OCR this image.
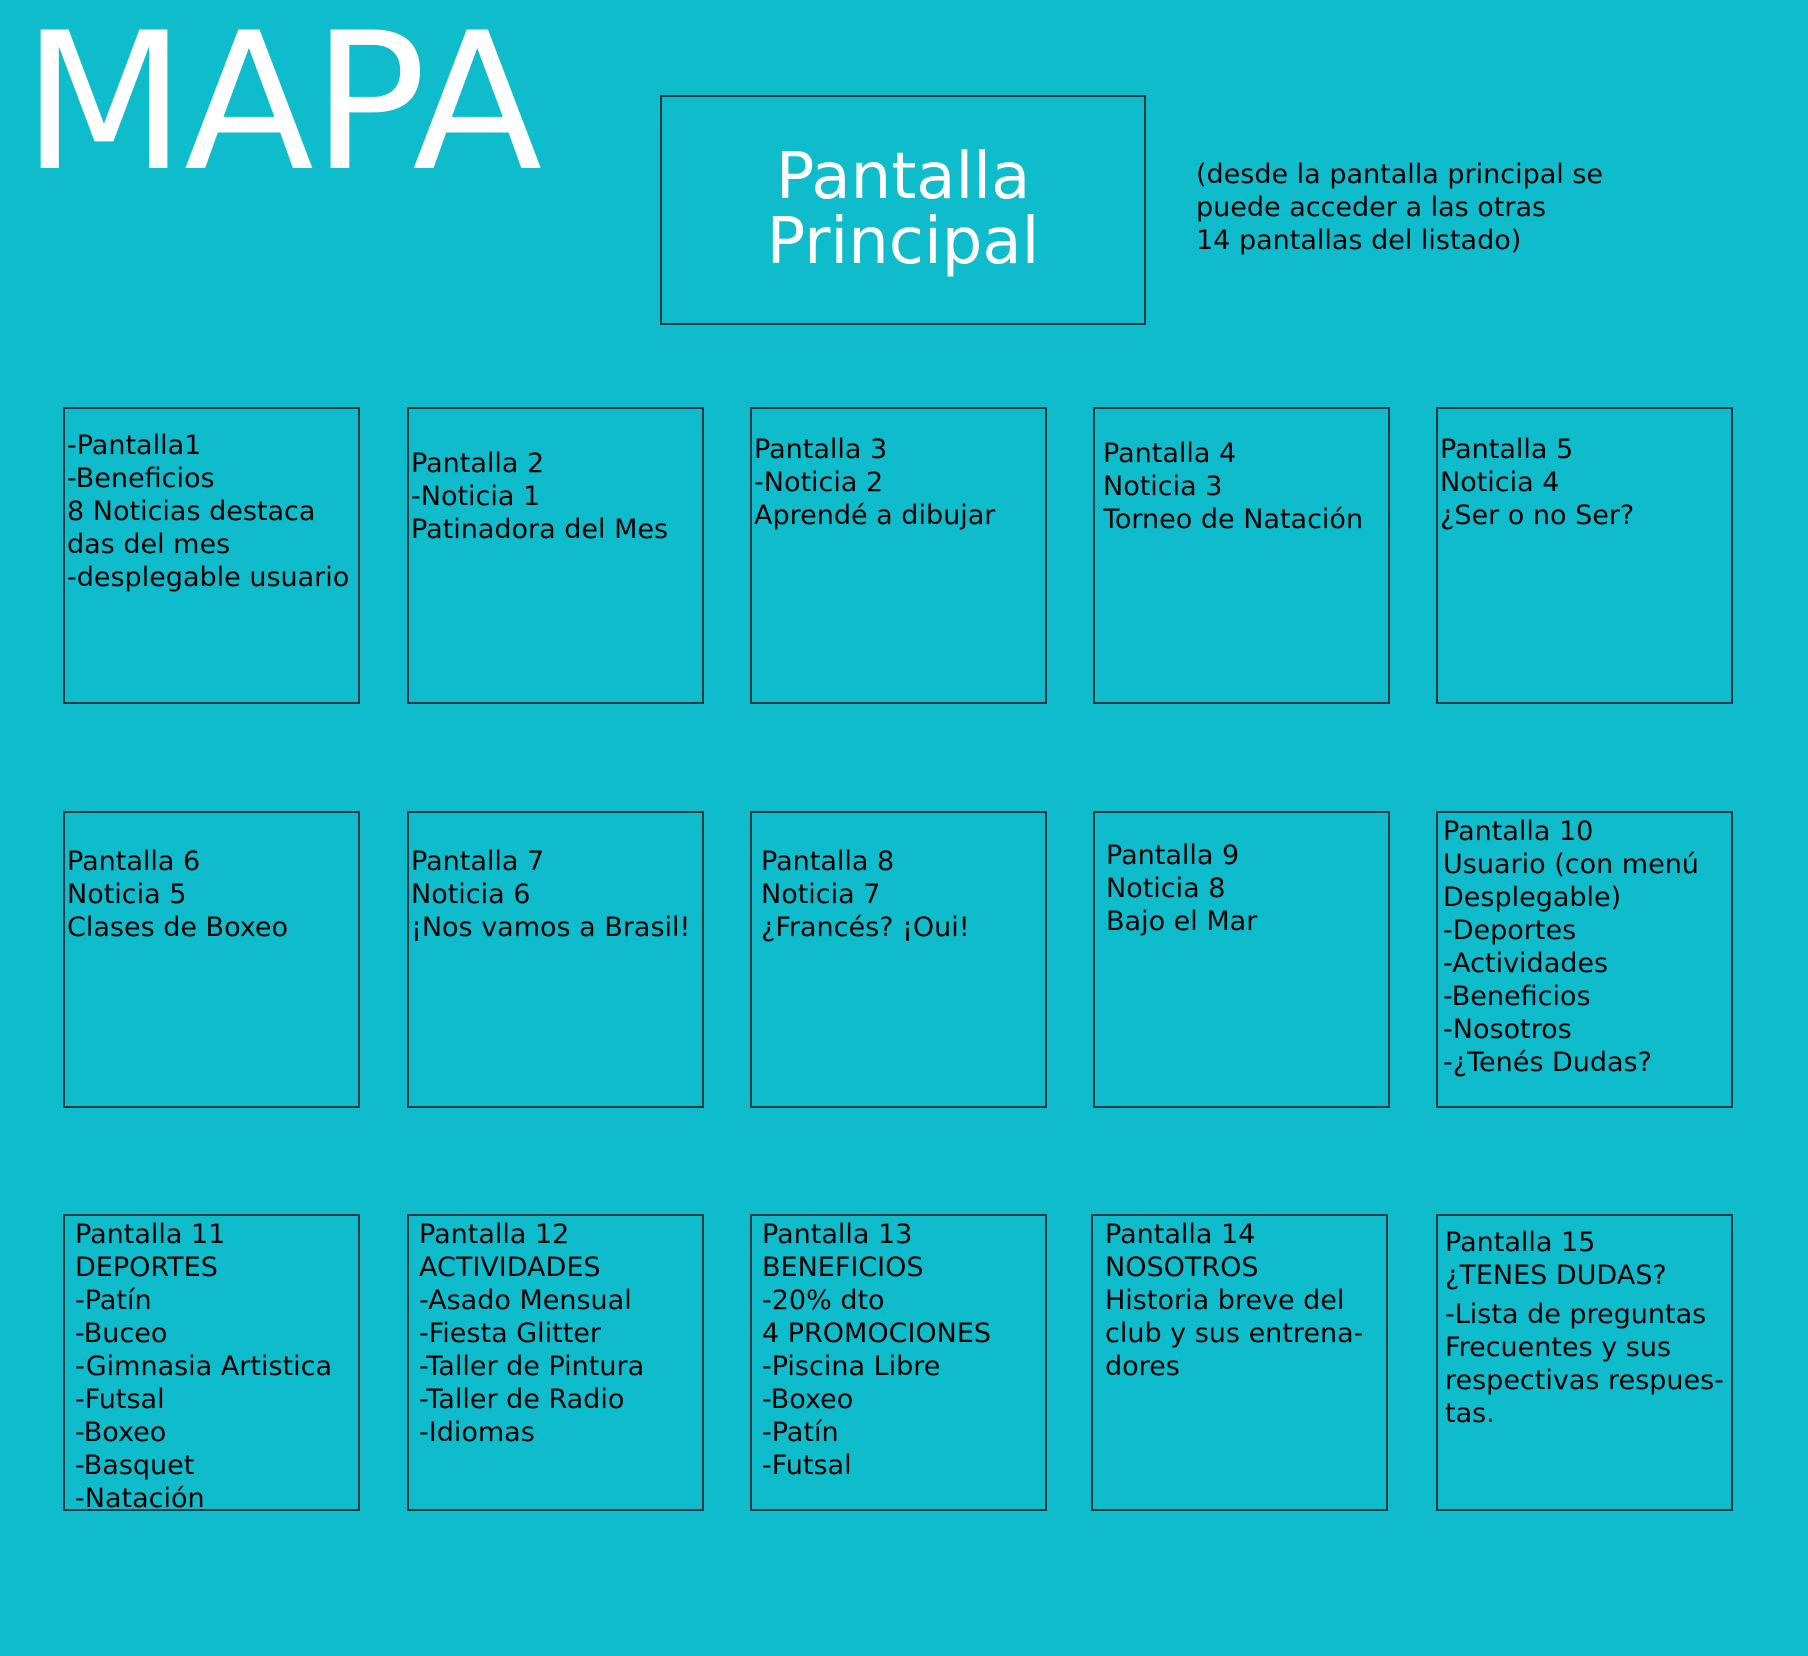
MAPA	Pantalla
Principal
(desde la pantalla principal se
puede acceder a las otras
14 pantallas del listado)
-Pantalla1
-Beneficios
8 Noticias destaca
das del mes
-desplegable usuario
Pantalla 2
-Noticia 1
Patinadora del Mes
Pantalla 3
-Noticia 2
Aprendé a dibujar
Pantalla 4
Noticia 3
Torneo de Natación
Pantalla 5
Noticia 4
¿Ser o no Ser?
Pantalla 6
Noticia 5
Clases de Boxeo
Pantalla 7
Noticia 6
¡Nos vamos a Brasil!
Pantalla 8
Noticia 7
¿Francés? ¡Oui!
Pantalla 9
Noticia 8
Bajo el Mar
Pantalla 10
Usuario (con menú
Desplegable)
-Deportes
-Actividades
-Beneficios
-Nosotros
-¿Tenés Dudas?
Pantalla 11
DEPORTES
-Patín
-Buceo
-Gimnasia Artistica
-Futsal
-Boxeo
-Basquet
-Natación
Pantalla 12
ACTIVIDADES
-Asado Mensual
-Fiesta Glitter
-Taller de Pintura
-Taller de Radio
-Idiomas
Pantalla 13
BENEFICIOS
-20% dto
4 PROMOCIONES
-Piscina Libre
-Boxeo
-Patín
-Futsal
Pantalla 14
NOSOTROS
Historia breve del
club y sus entrena-
dores
Pantalla 15
¿TENES DUDAS?
-Lista de preguntas
Frecuentes y sus
respectivas respues-
tas.
